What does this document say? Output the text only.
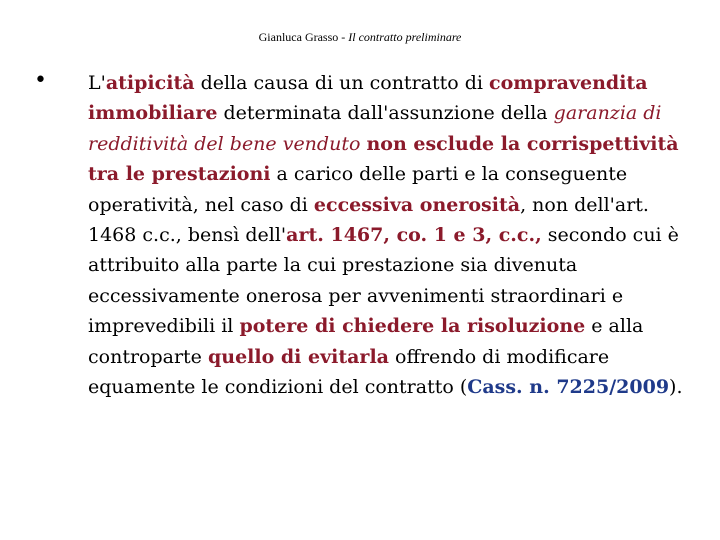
Gianluca Grasso - Il contratto preliminare
• L'atipicità della causa di un contratto di compravendita immobiliare determinata dall'assunzione della garanzia di redditività del bene venduto non esclude la corrispettività tra le prestazioni a carico delle parti e la conseguente operatività, nel caso di eccessiva onerosità, non dell'art. 1468 c.c., bensì dell'art. 1467, co. 1 e 3, c.c., secondo cui è attribuito alla parte la cui prestazione sia divenuta eccessivamente onerosa per avvenimenti straordinari e imprevedibili il potere di chiedere la risoluzione e alla controparte quello di evitarla offrendo di modificare equamente le condizioni del contratto (Cass. n. 7225/2009).
